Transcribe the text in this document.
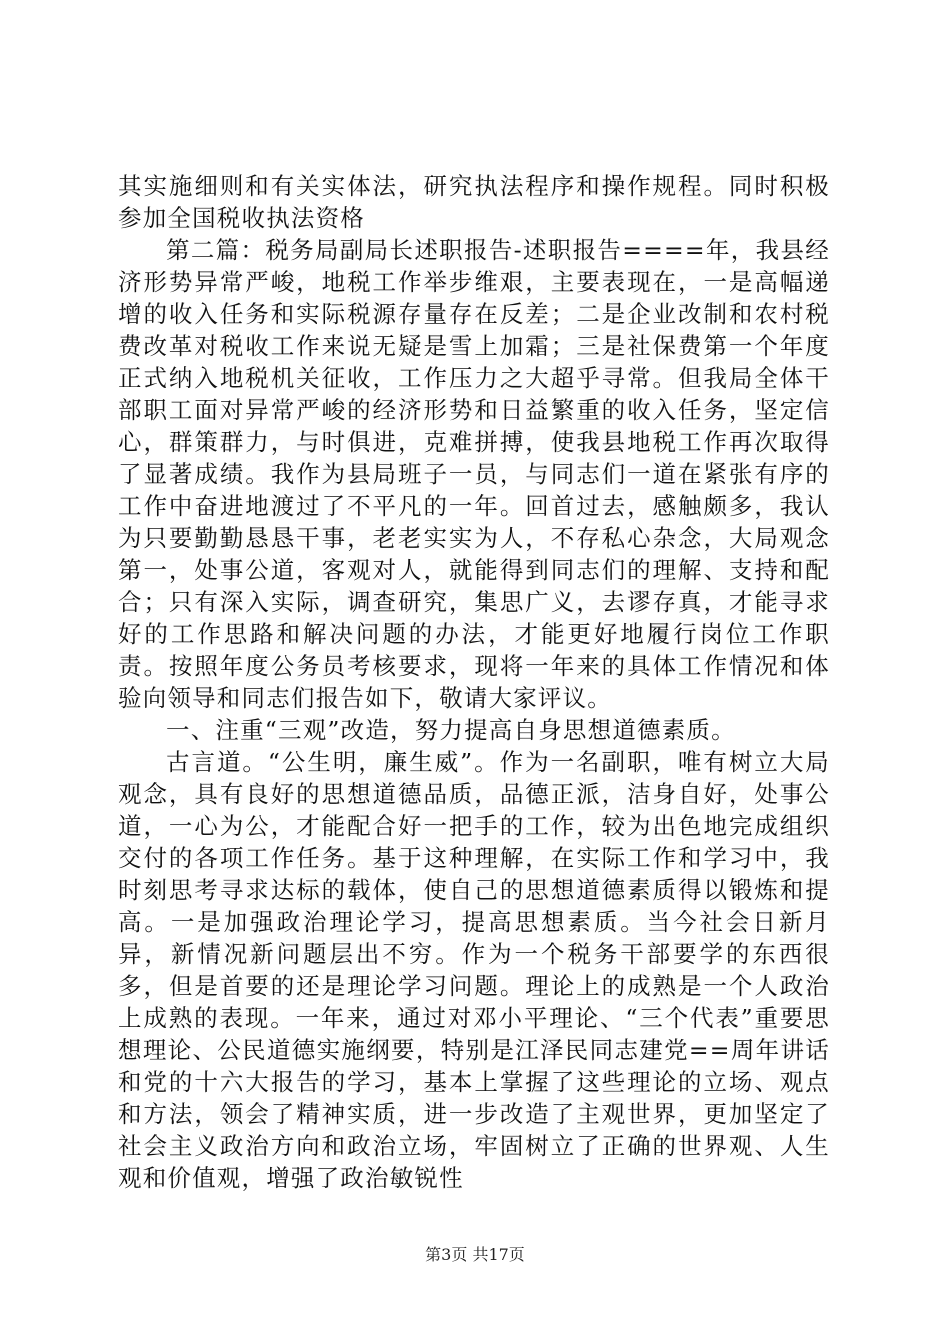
其实施细则和有关实体法，研究执法程序和操作规程。同时积极参加全国税收执法资格

第二篇：税务局副局长述职报告-述职报告====年，我县经济形势异常严峻，地税工作举步维艰，主要表现在，一是高幅递增的收入任务和实际税源存量存在反差；二是企业改制和农村税费改革对税收工作来说无疑是雪上加霜；三是社保费第一个年度正式纳入地税机关征收，工作压力之大超乎寻常。但我局全体干部职工面对异常严峻的经济形势和日益繁重的收入任务，坚定信心，群策群力，与时俱进，克难拼搏，使我县地税工作再次取得了显著成绩。我作为县局班子一员，与同志们一道在紧张有序的工作中奋进地渡过了不平凡的一年。回首过去，感触颇多，我认为只要勤勤恳恳干事，老老实实为人，不存私心杂念，大局观念第一，处事公道，客观对人，就能得到同志们的理解、支持和配合；只有深入实际，调查研究，集思广义，去谬存真，才能寻求好的工作思路和解决问题的办法，才能更好地履行岗位工作职责。按照年度公务员考核要求，现将一年来的具体工作情况和体验向领导和同志们报告如下，敬请大家评议。

一、注重“三观”改造，努力提高自身思想道德素质。

古言道。“公生明，廉生威”。作为一名副职，唯有树立大局观念，具有良好的思想道德品质，品德正派，洁身自好，处事公道，一心为公，才能配合好一把手的工作，较为出色地完成组织交付的各项工作任务。基于这种理解，在实际工作和学习中，我时刻思考寻求达标的载体，使自己的思想道德素质得以锻炼和提高。一是加强政治理论学习，提高思想素质。当今社会日新月异，新情况新问题层出不穷。作为一个税务干部要学的东西很多，但是首要的还是理论学习问题。理论上的成熟是一个人政治上成熟的表现。一年来，通过对邓小平理论、“三个代表”重要思想理论、公民道德实施纲要，特别是江泽民同志建党==周年讲话和党的十六大报告的学习，基本上掌握了这些理论的立场、观点和方法，领会了精神实质，进一步改造了主观世界，更加坚定了社会主义政治方向和政治立场，牢固树立了正确的世界观、人生观和价值观，增强了政治敏锐性

第3页 共17页
